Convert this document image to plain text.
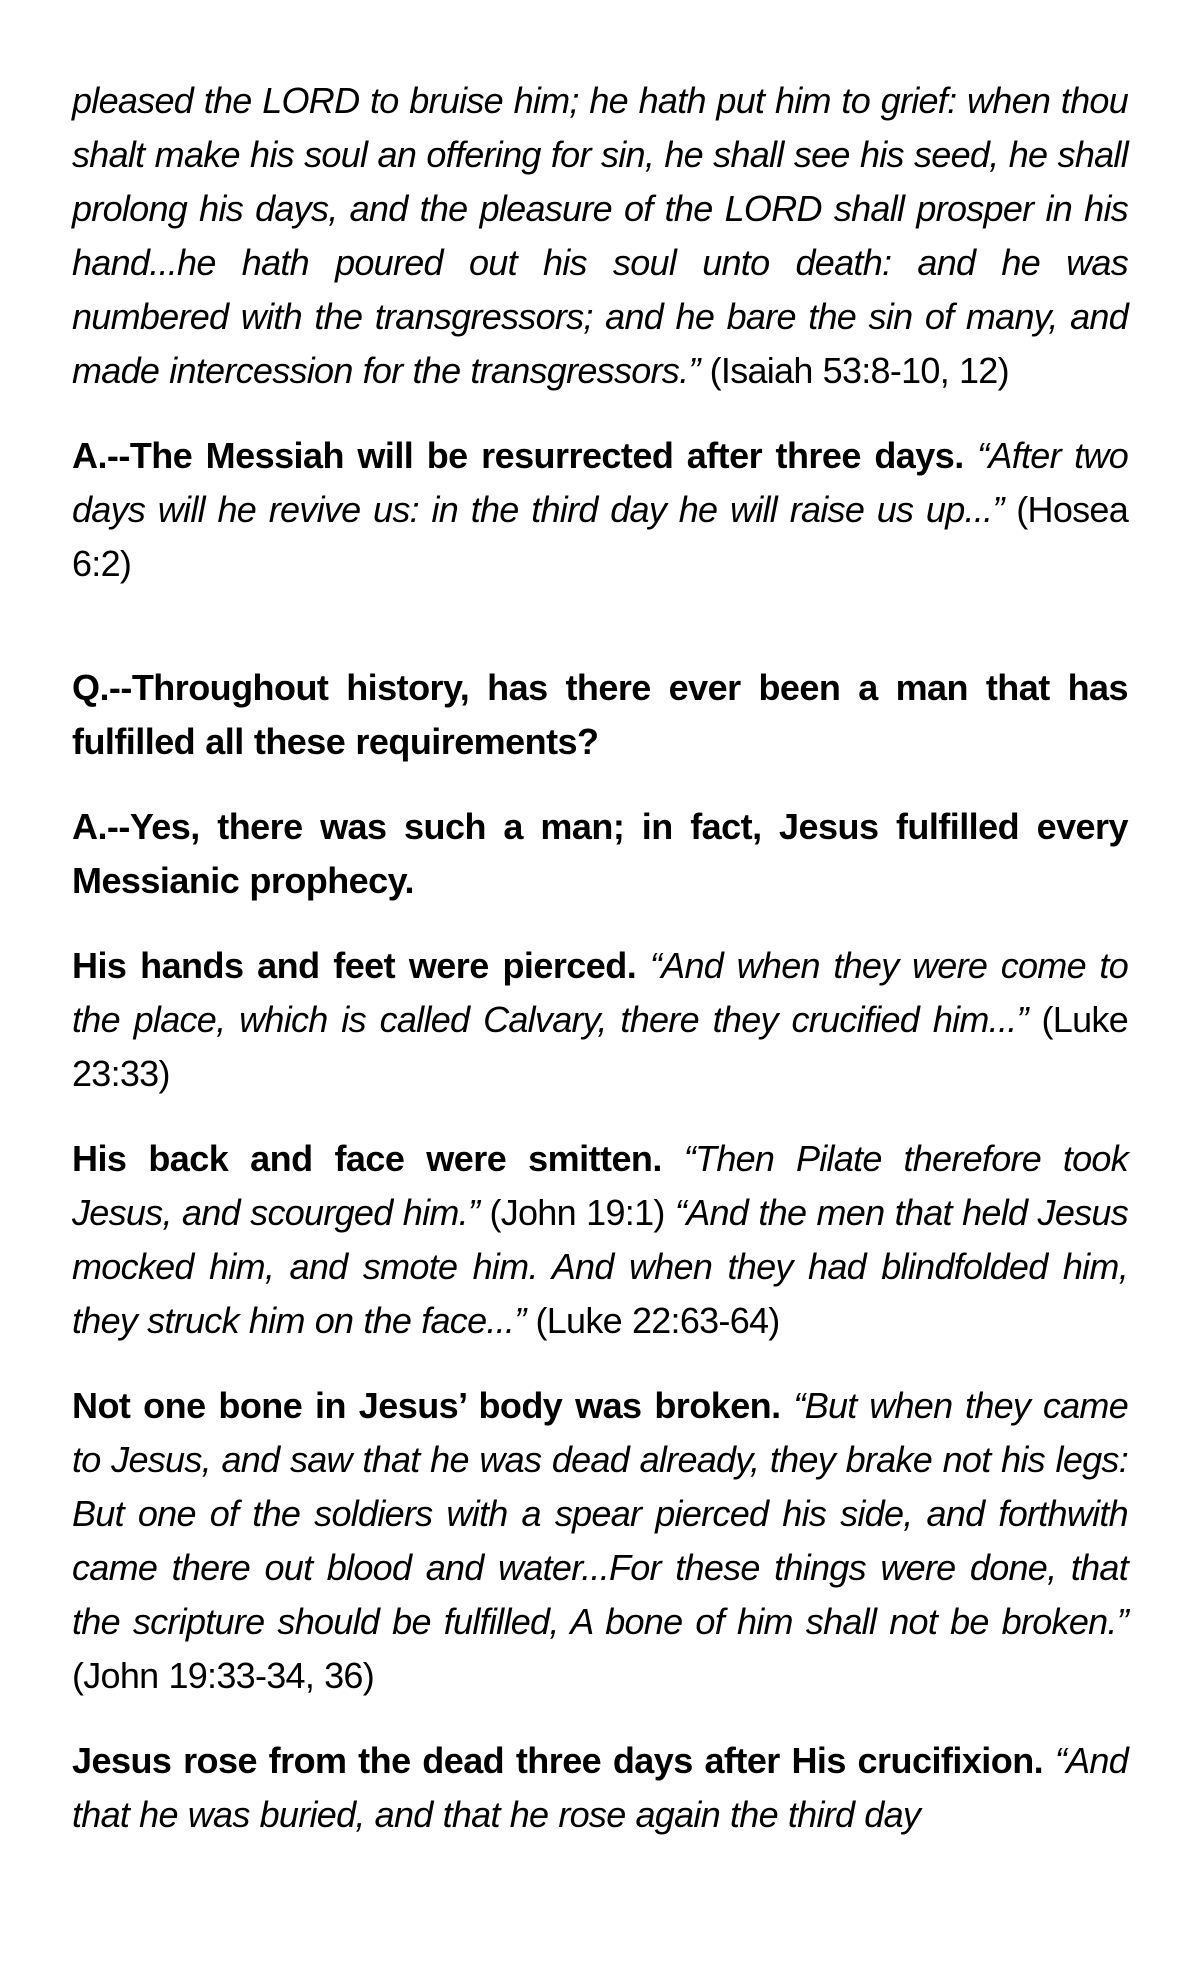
pleased the LORD to bruise him; he hath put him to grief: when thou shalt make his soul an offering for sin, he shall see his seed, he shall prolong his days, and the pleasure of the LORD shall prosper in his hand...he hath poured out his soul unto death: and he was numbered with the transgressors; and he bare the sin of many, and made intercession for the transgressors.” (Isaiah 53:8-10, 12)

A.--The Messiah will be resurrected after three days. “After two days will he revive us: in the third day he will raise us up...” (Hosea 6:2)

Q.--Throughout history, has there ever been a man that has fulfilled all these requirements?

A.--Yes, there was such a man; in fact, Jesus fulfilled every Messianic prophecy.

His hands and feet were pierced. “And when they were come to the place, which is called Calvary, there they crucified him...” (Luke 23:33)

His back and face were smitten. “Then Pilate therefore took Jesus, and scourged him.” (John 19:1) “And the men that held Jesus mocked him, and smote him. And when they had blindfolded him, they struck him on the face...” (Luke 22:63-64)

Not one bone in Jesus’ body was broken. “But when they came to Jesus, and saw that he was dead already, they brake not his legs: But one of the soldiers with a spear pierced his side, and forthwith came there out blood and water...For these things were done, that the scripture should be fulfilled, A bone of him shall not be broken.” (John 19:33-34, 36)

Jesus rose from the dead three days after His crucifixion. “And that he was buried, and that he rose again the third day
